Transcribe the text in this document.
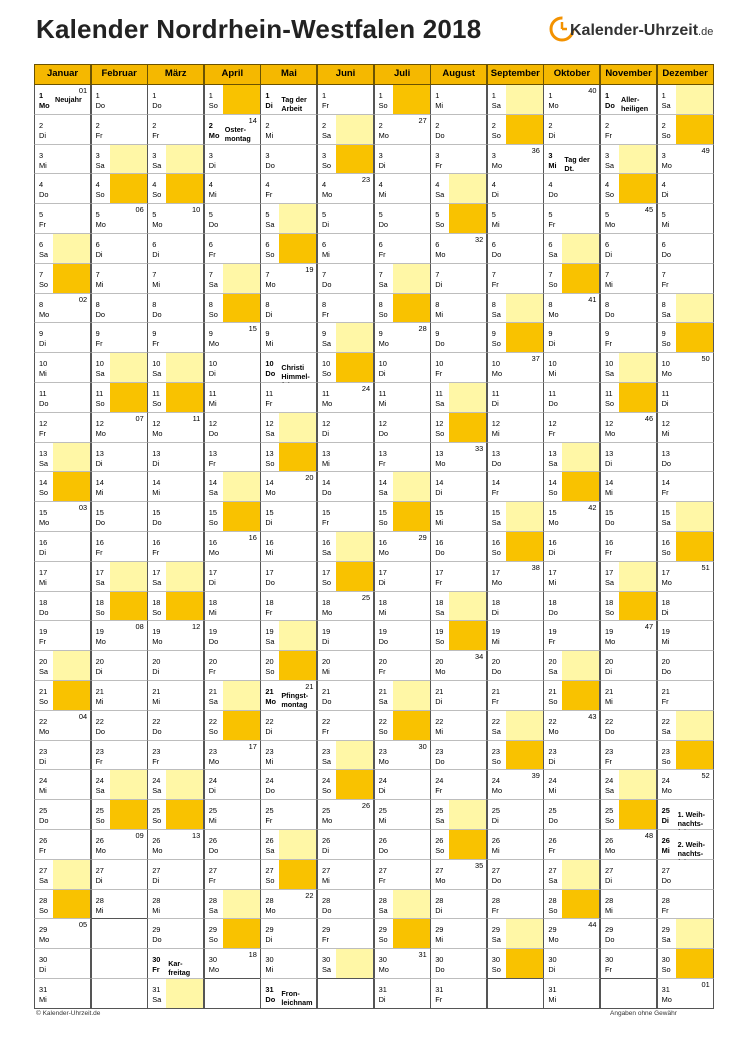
Kalender Nordrhein-Westfalen 2018	Kalender-Uhrzeit.de
Januar
1
Mo
01
Neujahr
2
Di
3
Mi
4
Do
5
Fr
6
Sa
7
So
8
Mo
02
9
Di
10
Mi
11
Do
12
Fr
13
Sa
14
So
15
Mo
03
16
Di
17
Mi
18
Do
19
Fr
20
Sa
21
So
22
Mo
04
23
Di
24
Mi
25
Do
26
Fr
27
Sa
28
So
29
Mo
05
30
Di
31
Mi
Februar
1
Do
2
Fr
3
Sa
4
So
5
Mo
06
6
Di
7
Mi
8
Do
9
Fr
10
Sa
11
So
12
Mo
07
13
Di
14
Mi
15
Do
16
Fr
17
Sa
18
So
19
Mo
08
20
Di
21
Mi
22
Do
23
Fr
24
Sa
25
So
26
Mo
09
27
Di
28
Mi
März
1
Do
2
Fr
3
Sa
4
So
5
Mo
10
6
Di
7
Mi
8
Do
9
Fr
10
Sa
11
So
12
Mo
11
13
Di
14
Mi
15
Do
16
Fr
17
Sa
18
So
19
Mo
12
20
Di
21
Mi
22
Do
23
Fr
24
Sa
25
So
26
Mo
13
27
Di
28
Mi
29
Do
30
Fr
Kar-freitag
31
Sa
April
1
So
2
Mo
14
Oster-montag
3
Di
4
Mi
5
Do
6
Fr
7
Sa
8
So
9
Mo
15
10
Di
11
Mi
12
Do
13
Fr
14
Sa
15
So
16
Mo
16
17
Di
18
Mi
19
Do
20
Fr
21
Sa
22
So
23
Mo
17
24
Di
25
Mi
26
Do
27
Fr
28
Sa
29
So
30
Mo
18
Mai
1
Di
Tag der Arbeit
2
Mi
3
Do
4
Fr
5
Sa
6
So
7
Mo
19
8
Di
9
Mi
10
Do
Christi Himmel-
11
Fr
12
Sa
13
So
14
Mo
20
15
Di
16
Mi
17
Do
18
Fr
19
Sa
20
So
21
Mo
21
Pfingst-montag
22
Di
23
Mi
24
Do
25
Fr
26
Sa
27
So
28
Mo
22
29
Di
30
Mi
31
Do
Fron-leichnam
Juni
1
Fr
2
Sa
3
So
4
Mo
23
5
Di
6
Mi
7
Do
8
Fr
9
Sa
10
So
11
Mo
24
12
Di
13
Mi
14
Do
15
Fr
16
Sa
17
So
18
Mo
25
19
Di
20
Mi
21
Do
22
Fr
23
Sa
24
So
25
Mo
26
26
Di
27
Mi
28
Do
29
Fr
30
Sa
Juli
1
So
2
Mo
27
3
Di
4
Mi
5
Do
6
Fr
7
Sa
8
So
9
Mo
28
10
Di
11
Mi
12
Do
13
Fr
14
Sa
15
So
16
Mo
29
17
Di
18
Mi
19
Do
20
Fr
21
Sa
22
So
23
Mo
30
24
Di
25
Mi
26
Do
27
Fr
28
Sa
29
So
30
Mo
31
31
Di
August
1
Mi
2
Do
3
Fr
4
Sa
5
So
6
Mo
32
7
Di
8
Mi
9
Do
10
Fr
11
Sa
12
So
13
Mo
33
14
Di
15
Mi
16
Do
17
Fr
18
Sa
19
So
20
Mo
34
21
Di
22
Mi
23
Do
24
Fr
25
Sa
26
So
27
Mo
35
28
Di
29
Mi
30
Do
31
Fr
September
1
Sa
2
So
3
Mo
36
4
Di
5
Mi
6
Do
7
Fr
8
Sa
9
So
10
Mo
37
11
Di
12
Mi
13
Do
14
Fr
15
Sa
16
So
17
Mo
38
18
Di
19
Mi
20
Do
21
Fr
22
Sa
23
So
24
Mo
39
25
Di
26
Mi
27
Do
28
Fr
29
Sa
30
So
Oktober
1
Mo
40
2
Di
3
Mi
Tag der Dt.
4
Do
5
Fr
6
Sa
7
So
8
Mo
41
9
Di
10
Mi
11
Do
12
Fr
13
Sa
14
So
15
Mo
42
16
Di
17
Mi
18
Do
19
Fr
20
Sa
21
So
22
Mo
43
23
Di
24
Mi
25
Do
26
Fr
27
Sa
28
So
29
Mo
44
30
Di
31
Mi
November
1
Do
Aller-heiligen
2
Fr
3
Sa
4
So
5
Mo
45
6
Di
7
Mi
8
Do
9
Fr
10
Sa
11
So
12
Mo
46
13
Di
14
Mi
15
Do
16
Fr
17
Sa
18
So
19
Mo
47
20
Di
21
Mi
22
Do
23
Fr
24
Sa
25
So
26
Mo
48
27
Di
28
Mi
29
Do
30
Fr
Dezember
1
Sa
2
So
3
Mo
49
4
Di
5
Mi
6
Do
7
Fr
8
Sa
9
So
10
Mo
50
11
Di
12
Mi
13
Do
14
Fr
15
Sa
16
So
17
Mo
51
18
Di
19
Mi
20
Do
21
Fr
22
Sa
23
So
24
Mo
52
25
Di
1. Weih-nachts-
26
Mi
2. Weih-nachts-
27
Do
28
Fr
29
Sa
30
So
31
Mo
01
© Kalender-Uhrzeit.de	Angaben ohne Gewähr
